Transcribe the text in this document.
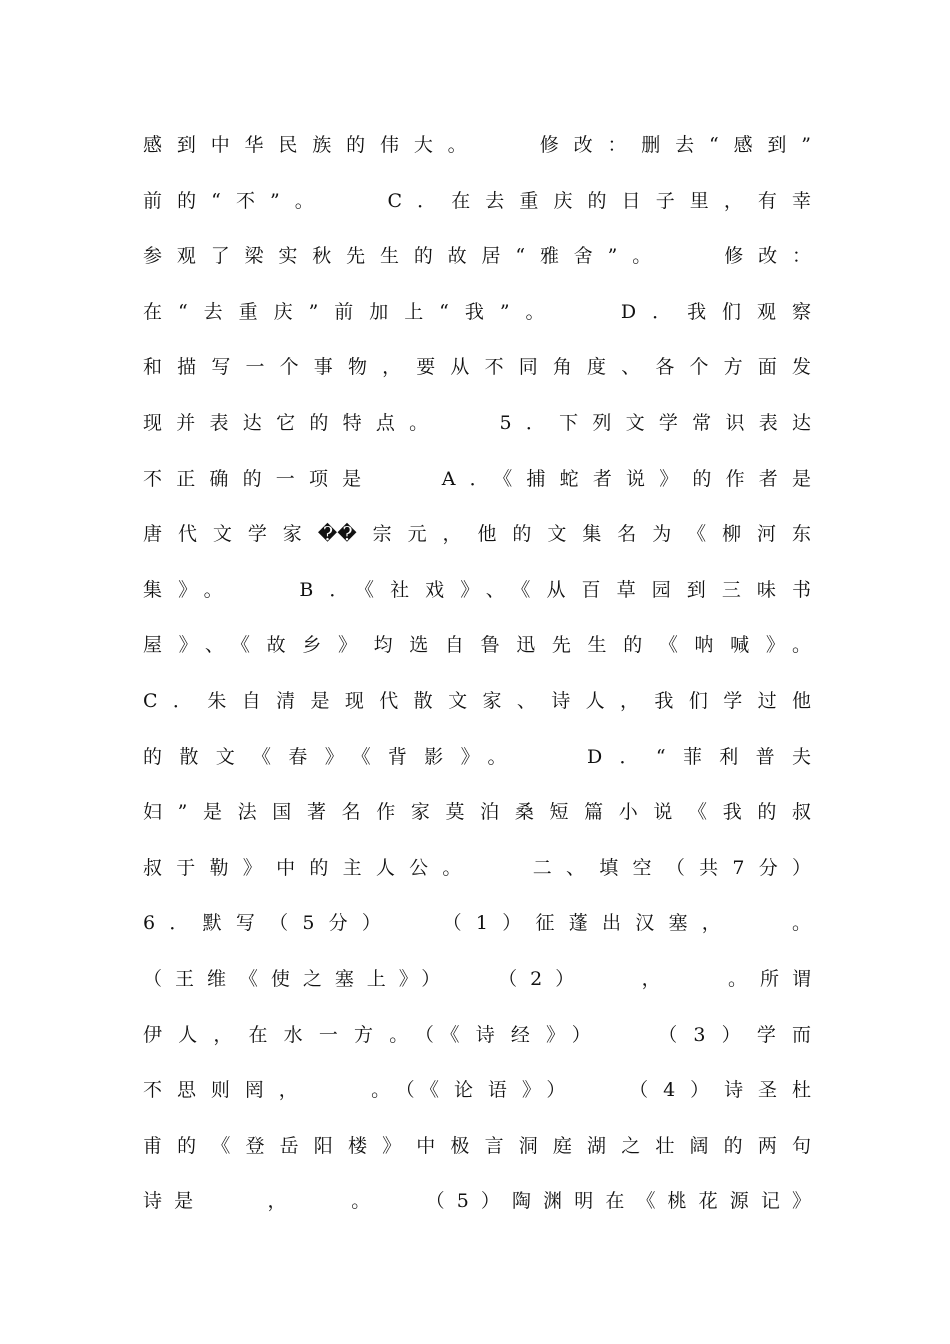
感到中华民族的伟大。　　修改：删去“感到”
前的“不”。　　C．在去重庆的日子里，有幸
参观了梁实秋先生的故居“雅舍”。　　修改：
在“去重庆”前加上“我”。　　D．我们观察
和描写一个事物，要从不同角度、各个方面发
现并表达它的特点。　　5．下列文学常识表达
不正确的一项是　　A．《捕蛇者说》的作者是
唐代文学家��宗元，他的文集名为《柳河东
集》。　　B．《社戏》、《从百草园到三味书
屋》、《故乡》均选自鲁迅先生的《呐喊》。
C．朱自清是现代散文家、诗人，我们学过他
的散文《春》《背影》。　　D．“菲利普夫
妇”是法国著名作家莫泊桑短篇小说《我的叔
叔于勒》中的主人公。　　二、填空（共7分）
6．默写（5分）　　（1）征蓬出汉塞，　　。
（王维《使之塞上》）　　（2）　　，　　。所谓
伊人，在水一方。（《诗经》）　　（3）学而
不思则罔，　　。（《论语》）　　（4）诗圣杜
甫的《登岳阳楼》中极言洞庭湖之壮阔的两句
诗是　　，　　。　　（5）陶渊明在《桃花源记》
